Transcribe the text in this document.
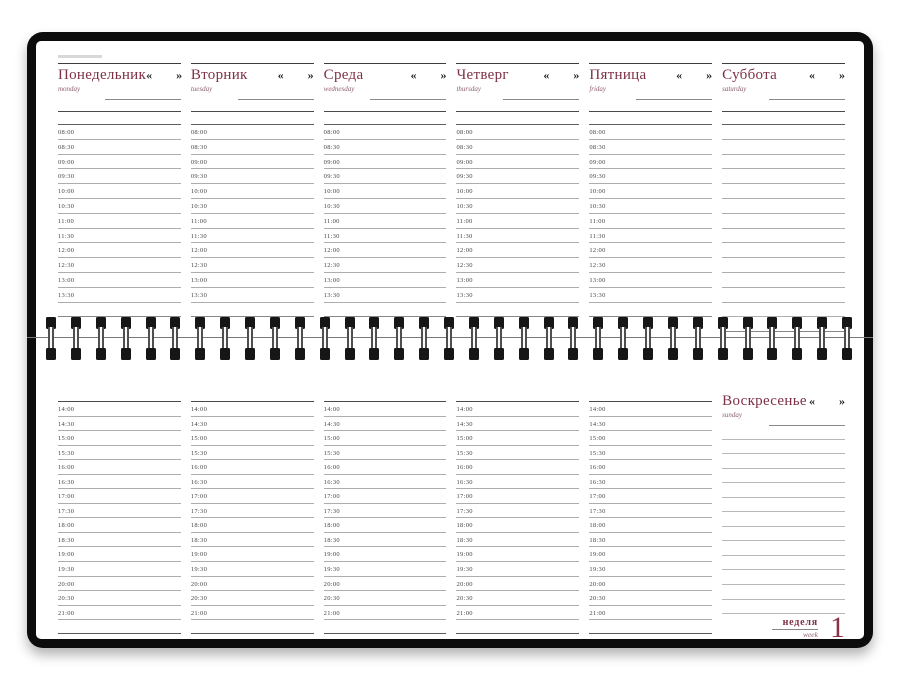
Понедельник « »
monday
08:00
08:30
09:00
09:30
10:00
10:30
11:00
11:30
12:00
12:30
13:00
13:30
Вторник	« »
tuesday
08:00
08:30
09:00
09:30
10:00
10:30
11:00
11:30
12:00
12:30
13:00
13:30
Среда	« »
wednesday
08:00
08:30
09:00
09:30
10:00
10:30
11:00
11:30
12:00
12:30
13:00
13:30
Четверг	« »
thursday
08:00
08:30
09:00
09:30
10:00
10:30
11:00
11:30
12:00
12:30
13:00
13:30
Пятница « »
friday
08:00
08:30
09:00
09:30
10:00
10:30
11:00
11:30
12:00
12:30
13:00
13:30
Суббота	« »
saturday
14:00
14:30
15:00
15:30
16:00
16:30
17:00
17:30
18:00
18:30
19:00
19:30
20:00
20:30
21:00
14:00
14:30
15:00
15:30
16:00
16:30
17:00
17:30
18:00
18:30
19:00
19:30
20:00
20:30
21:00
14:00
14:30
15:00
15:30
16:00
16:30
17:00
17:30
18:00
18:30
19:00
19:30
20:00
20:30
21:00
14:00
14:30
15:00
15:30
16:00
16:30
17:00
17:30
18:00
18:30
19:00
19:30
20:00
20:30
21:00
14:00
14:30
15:00
15:30
16:00
16:30
17:00
17:30
18:00
18:30
19:00
19:30
20:00
20:30
21:00
Воскресенье « »
sunday
неделя
week 1
